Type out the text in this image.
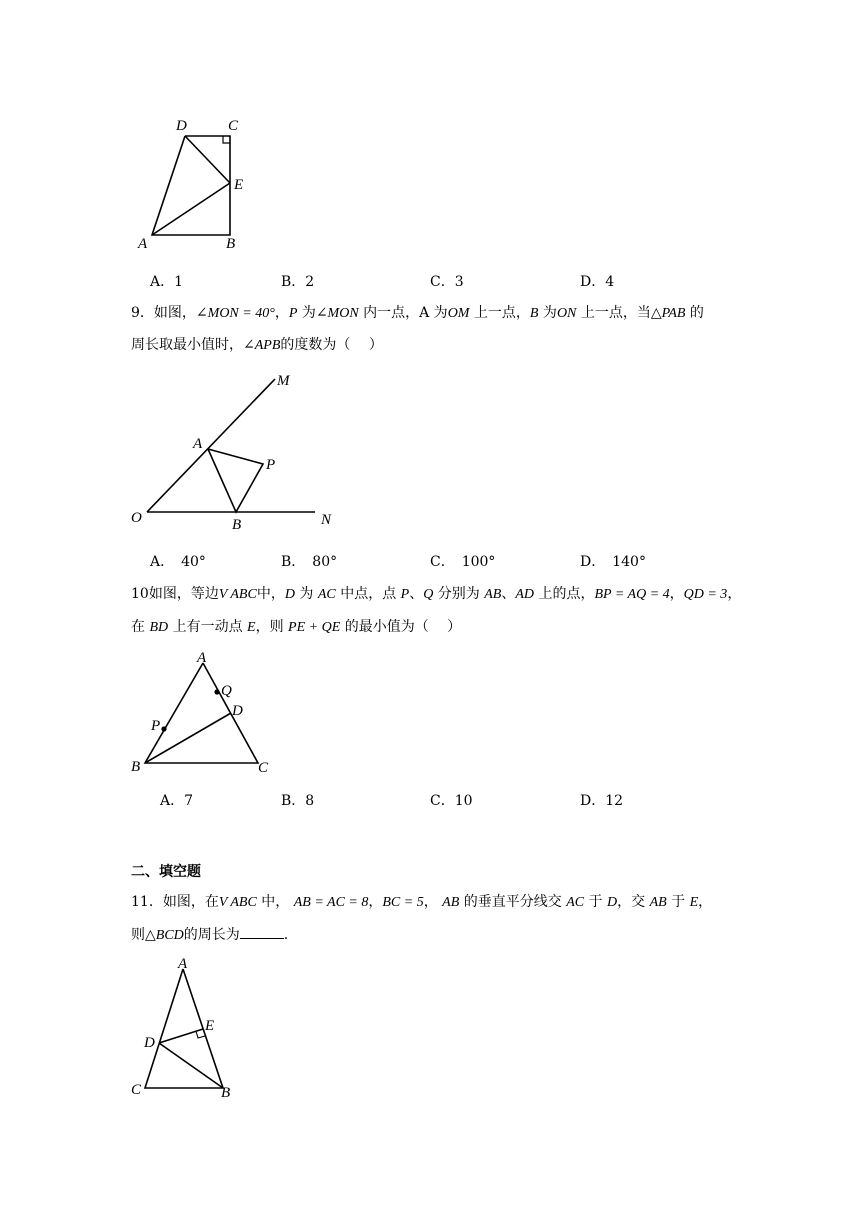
D	C
E
A	B
A．1	B．2	C．3	D．4
9．如图，∠MON = 40°，P 为∠MON 内一点，A 为OM 上一点，B 为ON 上一点，当△PAB 的
周长取最小值时，∠APB的度数为（　 ）
M
A
P
O	B	N
A．　40°	B．　80°	C．　100°	D．　140°
10如图，等边V ABC中，D 为 AC 中点，点 P、Q 分别为 AB、AD 上的点，BP = AQ = 4，QD = 3，
在 BD 上有一动点 E，则 PE + QE 的最小值为（　 ）
A
Q
D
P
B	C
A．7	B．8	C．10	D．12
二、填空题
11．如图，在V ABC 中， AB = AC = 8，BC = 5， AB 的垂直平分线交 AC 于 D，交 AB 于 E，
则△BCD的周长为	.
A
E
D
C	B
